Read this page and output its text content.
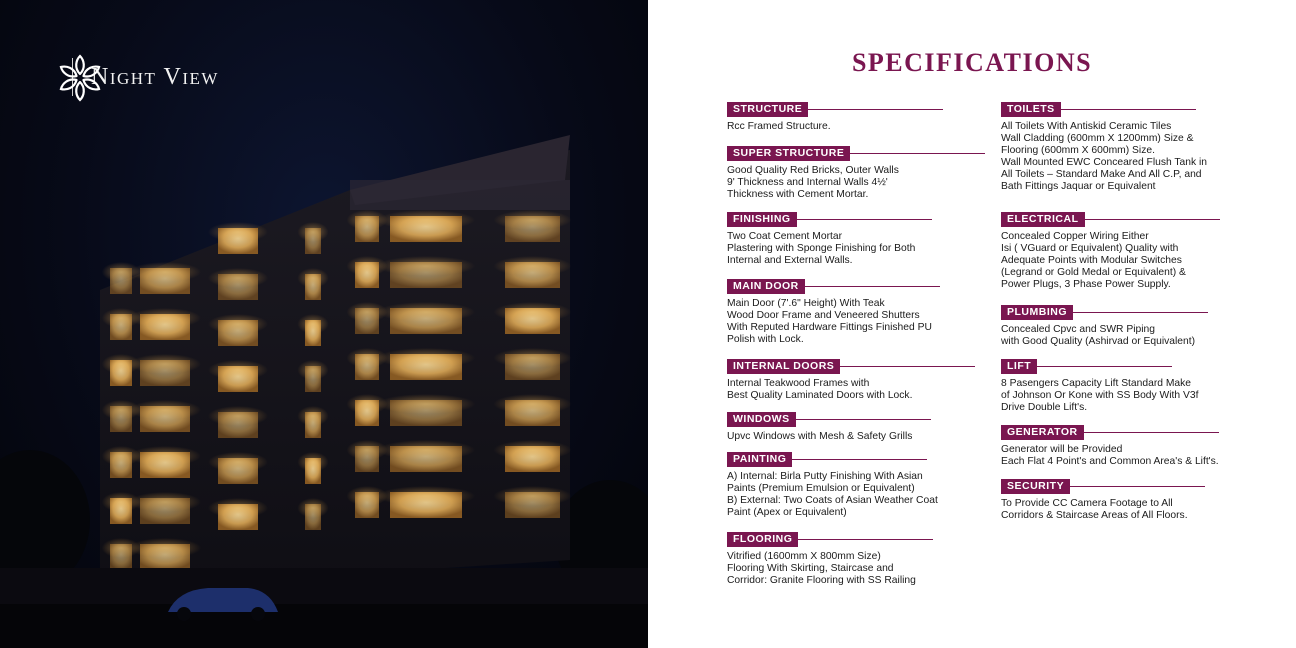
Night View	SPECIFICATIONS
STRUCTURE
Rcc Framed Structure.
SUPER STRUCTURE
Good Quality Red Bricks, Outer Walls
9' Thickness and Internal Walls 4½'
Thickness with Cement Mortar.
FINISHING
Two Coat Cement Mortar
Plastering with Sponge Finishing for Both
Internal and External Walls.
MAIN DOOR
Main Door (7'.6" Height) With Teak
Wood Door Frame and Veneered Shutters
With Reputed Hardware Fittings Finished PU
Polish with Lock.
INTERNAL DOORS
Internal Teakwood Frames with
Best Quality Laminated Doors with Lock.
WINDOWS
Upvc Windows with Mesh & Safety Grills
PAINTING
A) Internal: Birla Putty Finishing With Asian
Paints (Premium Emulsion or Equivalent)
B) External: Two Coats of Asian Weather Coat
Paint (Apex or Equivalent)
FLOORING
Vitrified (1600mm X 800mm Size)
Flooring With Skirting, Staircase and
Corridor: Granite Flooring with SS Railing
TOILETS
All Toilets With Antiskid Ceramic Tiles
Wall Cladding (600mm X 1200mm) Size &
Flooring (600mm X 600mm) Size.
Wall Mounted EWC Conceared Flush Tank in
All Toilets – Standard Make And All C.P, and
Bath Fittings Jaquar or Equivalent
ELECTRICAL
Concealed Copper Wiring Either
Isi ( VGuard or Equivalent) Quality with
Adequate Points with Modular Switches
(Legrand or Gold Medal or Equivalent) &
Power Plugs, 3 Phase Power Supply.
PLUMBING
Concealed Cpvc and SWR Piping
with Good Quality (Ashirvad or Equivalent)
LIFT
8 Pasengers Capacity Lift Standard Make
of Johnson Or Kone with SS Body With V3f
Drive Double Lift's.
GENERATOR
Generator will be Provided
Each Flat 4 Point's and Common Area's & Lift's.
SECURITY
To Provide CC Camera Footage to All
Corridors & Staircase Areas of All Floors.
